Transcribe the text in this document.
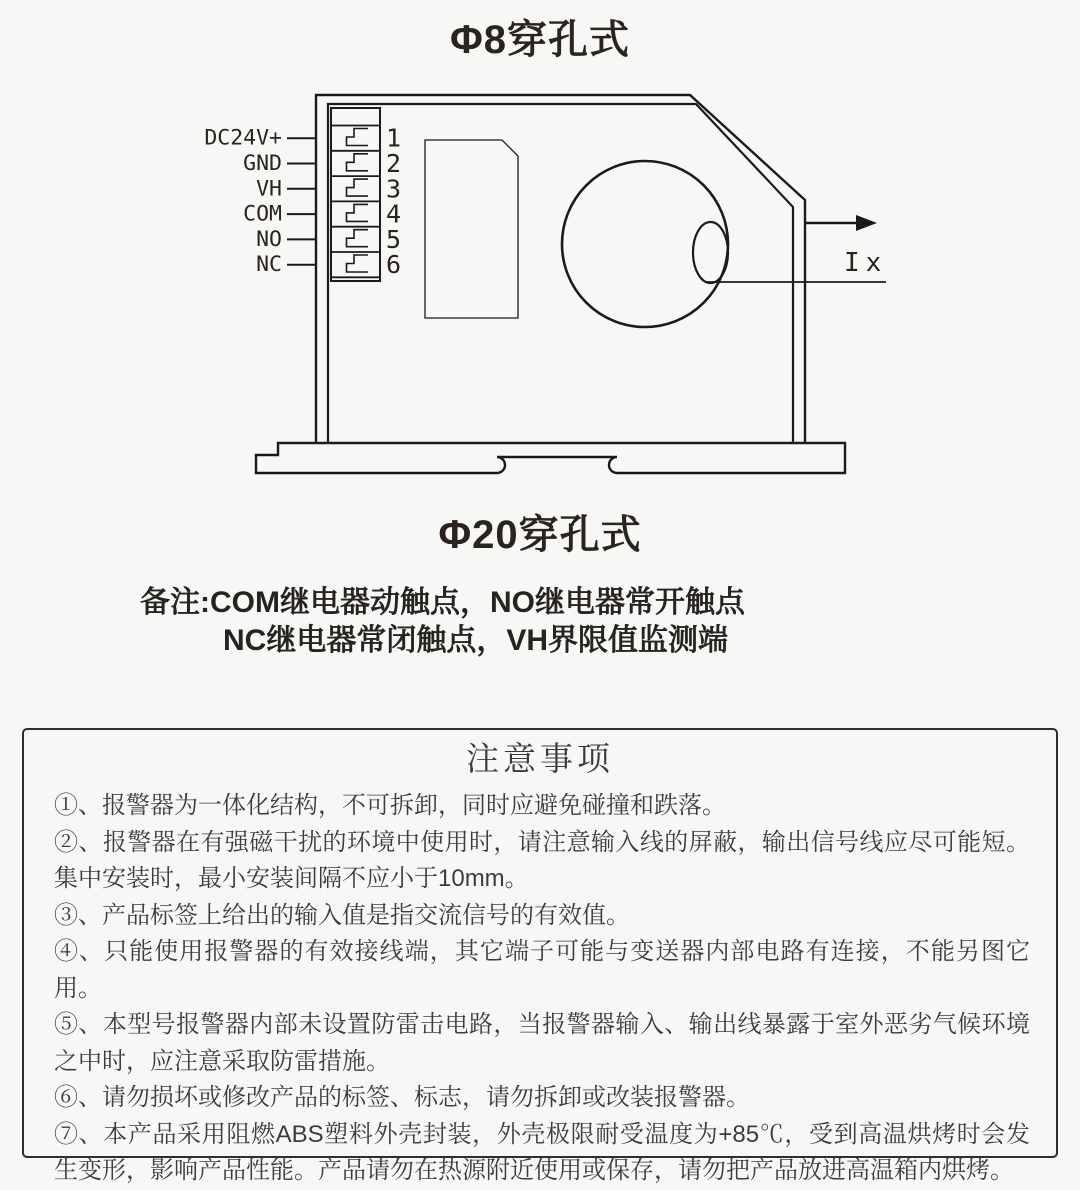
Φ8穿孔式
DC24V+
GND
VH
COM
NO
NC
1
2
3
4
5
6	Ix
Φ20穿孔式

备注:COM继电器动触点，NO继电器常开触点

NC继电器常闭触点，VH界限值监测端

注意事项

①、报警器为一体化结构，不可拆卸，同时应避免碰撞和跌落。

②、报警器在有强磁干扰的环境中使用时，请注意输入线的屏蔽，输出信号线应尽可能短。集中安装时，最小安装间隔不应小于10mm。

③、产品标签上给出的输入值是指交流信号的有效值。

④、只能使用报警器的有效接线端，其它端子可能与变送器内部电路有连接，不能另图它用。

⑤、本型号报警器内部未设置防雷击电路，当报警器输入、输出线暴露于室外恶劣气候环境之中时，应注意采取防雷措施。

⑥、请勿损坏或修改产品的标签、标志，请勿拆卸或改装报警器。

⑦、本产品采用阻燃ABS塑料外壳封装，外壳极限耐受温度为+85℃，受到高温烘烤时会发生变形，影响产品性能。产品请勿在热源附近使用或保存，请勿把产品放进高温箱内烘烤。
